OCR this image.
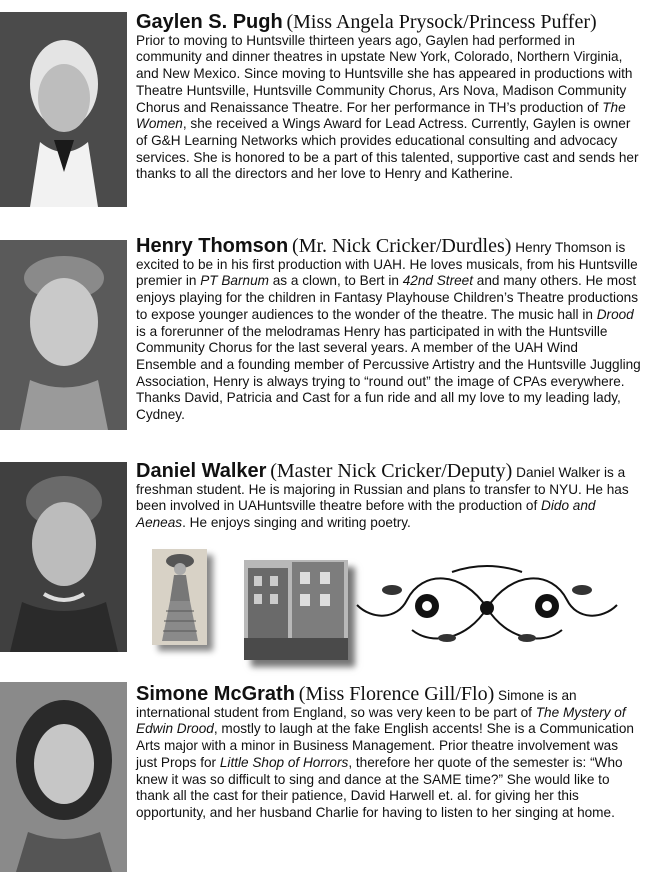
Gaylen S. Pugh (Miss Angela Prysock/Princess Puffer)
Prior to moving to Huntsville thirteen years ago, Gaylen had performed in community and dinner theatres in upstate New York, Colorado, Northern Virginia, and New Mexico. Since moving to Huntsville she has appeared in productions with Theatre Huntsville, Huntsville Community Chorus, Ars Nova, Madison Community Chorus and Renaissance Theatre. For her performance in TH’s production of The Women, she received a Wings Award for Lead Actress. Currently, Gaylen is owner of G&H Learning Networks which provides educational consulting and advocacy services. She is honored to be a part of this talented, supportive cast and sends her thanks to all the directors and her love to Henry and Katherine.
Henry Thomson (Mr. Nick Cricker/Durdles) Henry Thomson is excited to be in his first production with UAH. He loves musicals, from his Huntsville premier in PT Barnum as a clown, to Bert in 42nd Street and many others. He most enjoys playing for the children in Fantasy Playhouse Children’s Theatre productions to expose younger audiences to the wonder of the theatre. The music hall in Drood is a forerunner of the melodramas Henry has participated in with the Huntsville Community Chorus for the last several years. A member of the UAH Wind Ensemble and a founding member of Percussive Artistry and the Huntsville Juggling Association, Henry is always trying to “round out” the image of CPAs everywhere. Thanks David, Patricia and Cast for a fun ride and all my love to my leading lady, Cydney.
Daniel Walker (Master Nick Cricker/Deputy) Daniel Walker is a freshman student. He is majoring in Russian and plans to transfer to NYU. He has been involved in UAHuntsville theatre before with the production of Dido and Aeneas. He enjoys singing and writing poetry.
Simone McGrath (Miss Florence Gill/Flo) Simone is an international student from England, so was very keen to be part of The Mystery of Edwin Drood, mostly to laugh at the fake English accents! She is a Communication Arts major with a minor in Business Management. Prior theatre involvement was just Props for Little Shop of Horrors, therefore her quote of the semester is: “Who knew it was so difficult to sing and dance at the SAME time?” She would like to thank all the cast for their patience, David Harwell et. al. for giving her this opportunity, and her husband Charlie for having to listen to her singing at home.
